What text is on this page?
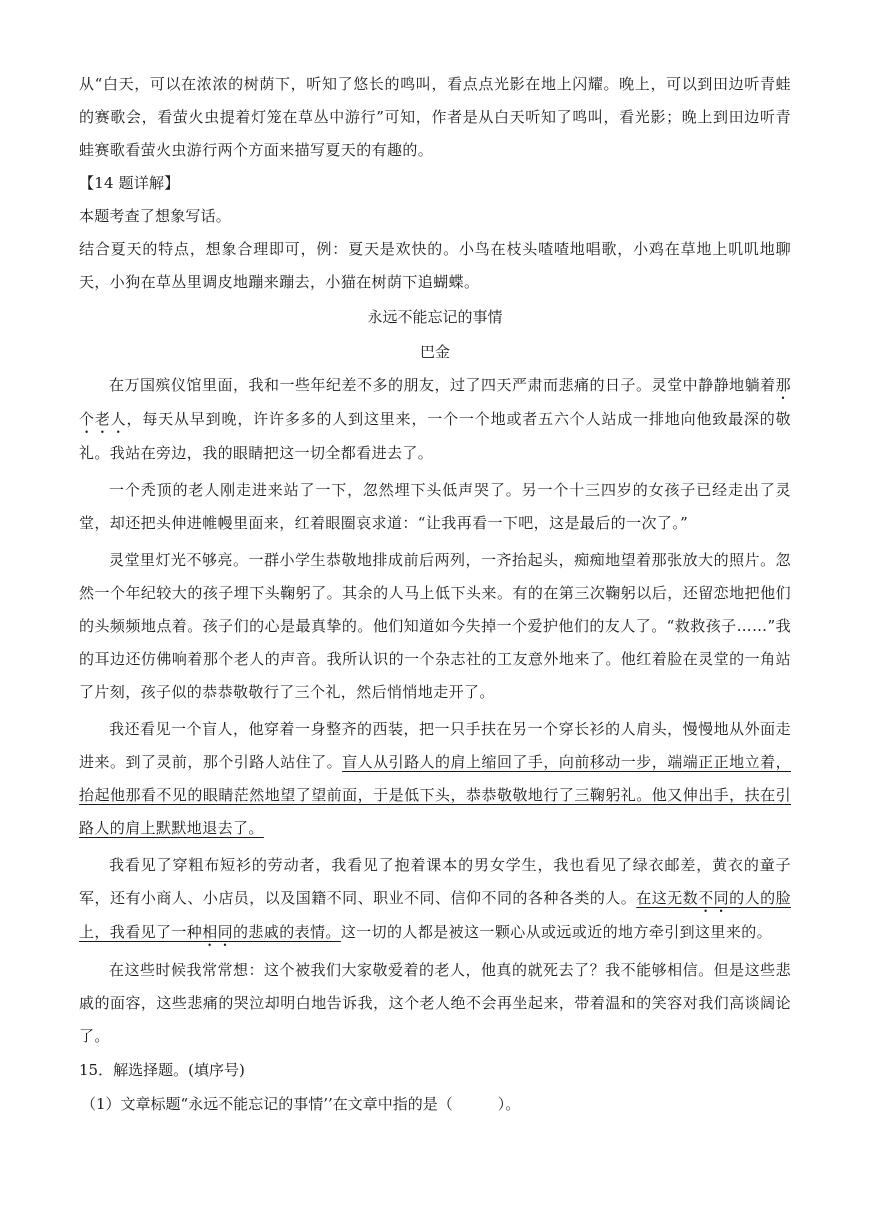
从“白天，可以在浓浓的树荫下，听知了悠长的鸣叫，看点点光影在地上闪耀。晚上，可以到田边听青蛙的赛歌会，看萤火虫提着灯笼在草丛中游行”可知，作者是从白天听知了鸣叫，看光影；晚上到田边听青蛙赛歌看萤火虫游行两个方面来描写夏天的有趣的。
【14 题详解】
本题考查了想象写话。
结合夏天的特点，想象合理即可，例：夏天是欢快的。小鸟在枝头喳喳地唱歌，小鸡在草地上叽叽地聊天，小狗在草丛里调皮地蹦来蹦去，小猫在树荫下追蝴蝶。
永远不能忘记的事情
巴金
在万国殡仪馆里面，我和一些年纪差不多的朋友，过了四天严肃而悲痛的日子。灵堂中静静地躺着那个老人，每天从早到晚，许许多多的人到这里来，一个一个地或者五六个人站成一排地向他致最深的敬礼。我站在旁边，我的眼睛把这一切全都看进去了。
一个秃顶的老人刚走进来站了一下，忽然埋下头低声哭了。另一个十三四岁的女孩子已经走出了灵堂，却还把头伸进帷幔里面来，红着眼圈哀求道：“让我再看一下吧，这是最后的一次了。”
灵堂里灯光不够亮。一群小学生恭敬地排成前后两列，一齐抬起头，痴痴地望着那张放大的照片。忽然一个年纪较大的孩子埋下头鞠躬了。其余的人马上低下头来。有的在第三次鞠躬以后，还留恋地把他们的头频频地点着。孩子们的心是最真挚的。他们知道如今失掉一个爱护他们的友人了。“救救孩子……”我的耳边还仿佛响着那个老人的声音。我所认识的一个杂志社的工友意外地来了。他红着脸在灵堂的一角站了片刻，孩子似的恭恭敬敬行了三个礼，然后悄悄地走开了。
我还看见一个盲人，他穿着一身整齐的西装，把一只手扶在另一个穿长衫的人肩头，慢慢地从外面走进来。到了灵前，那个引路人站住了。盲人从引路人的肩上缩回了手，向前移动一步，端端正正地立着，抬起他那看不见的眼睛茫然地望了望前面，于是低下头，恭恭敬敬地行了三鞠躬礼。他又伸出手，扶在引路人的肩上默默地退去了。
我看见了穿粗布短衫的劳动者，我看见了抱着课本的男女学生，我也看见了绿衣邮差，黄衣的童子军，还有小商人、小店员，以及国籍不同、职业不同、信仰不同的各种各类的人。在这无数不同的人的脸上，我看见了一种相同的悲戚的表情。这一切的人都是被这一颗心从或远或近的地方牵引到这里来的。
在这些时候我常常想：这个被我们大家敬爱着的老人，他真的就死去了？我不能够相信。但是这些悲戚的面容，这些悲痛的哭泣却明白地告诉我，这个老人绝不会再坐起来，带着温和的笑容对我们高谈阔论了。
15．解选择题。(填序号)
（1）文章标题“永远不能忘记的事情’’在文章中指的是（　　　）。
